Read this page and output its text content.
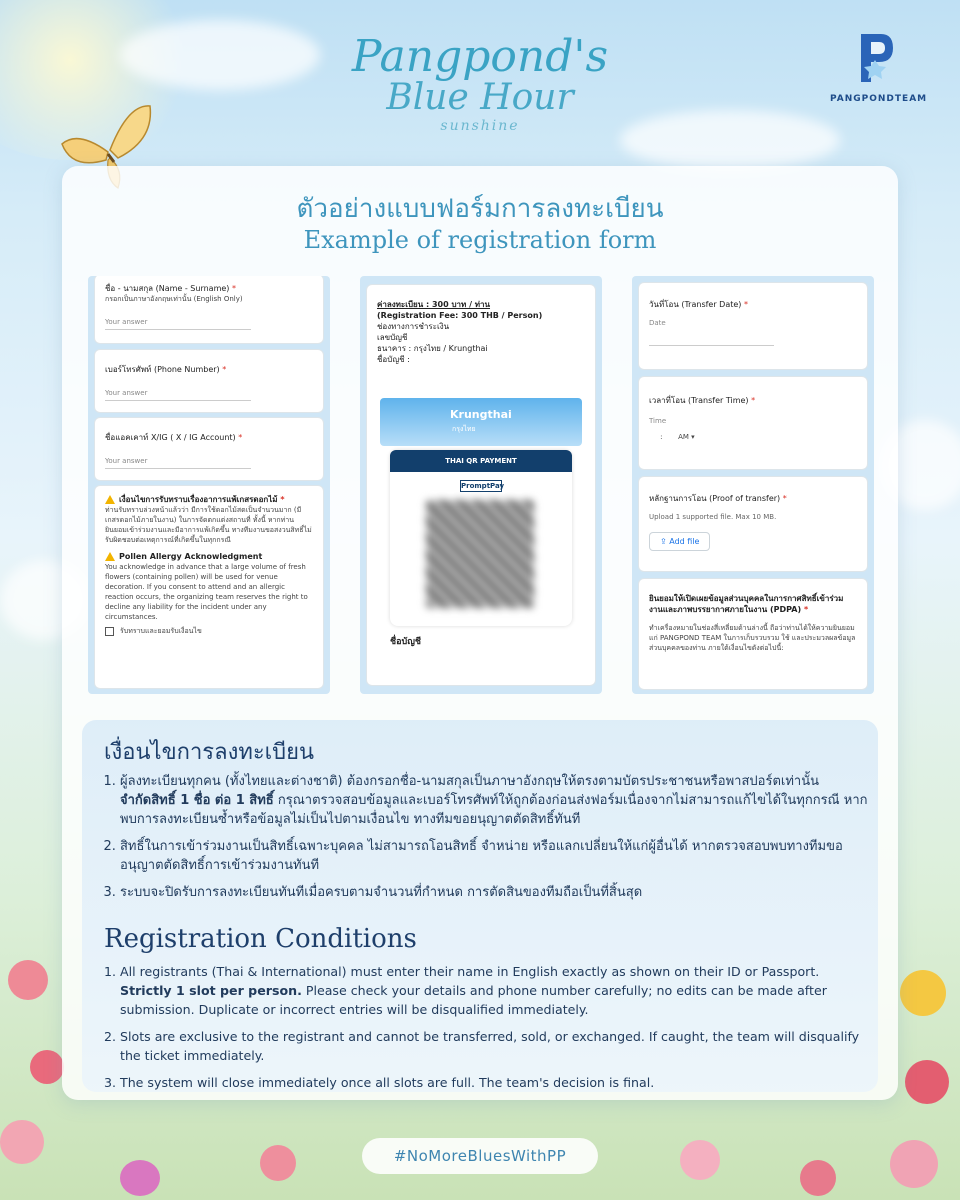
Pangpond's
Blue Hour
sunshine
PANGPONDTEAM
ตัวอย่างแบบฟอร์มการลงทะเบียน
Example of registration form
ชื่อ - นามสกุล (Name - Surname) *
กรอกเป็นภาษาอังกฤษเท่านั้น (English Only)
Your answer
เบอร์โทรศัพท์ (Phone Number) *
Your answer
ชื่อแอคเคาท์ X/IG ( X / IG Account) *
Your answer
เงื่อนไขการรับทราบเรื่องอาการแพ้เกสรดอกไม้ *
ท่านรับทราบล่วงหน้าแล้วว่า มีการใช้ดอกไม้สดเป็นจำนวนมาก (มีเกสรดอกไม้ภายในงาน) ในการจัดตกแต่งสถานที่ ทั้งนี้ หากท่านยินยอมเข้าร่วมงานและมีอาการแพ้เกิดขึ้น ทางทีมงานขอสงวนสิทธิ์ไม่รับผิดชอบต่อเหตุการณ์ที่เกิดขึ้นในทุกกรณี
Pollen Allergy Acknowledgment
You acknowledge in advance that a large volume of fresh flowers (containing pollen) will be used for venue decoration. If you consent to attend and an allergic reaction occurs, the organizing team reserves the right to decline any liability for the incident under any circumstances.
รับทราบและยอมรับเงื่อนไข
ค่าลงทะเบียน : 300 บาท / ท่าน
(Registration Fee: 300 THB / Person)
ช่องทางการชำระเงิน
เลขบัญชี
ธนาคาร : กรุงไทย / Krungthai
ชื่อบัญชี :
Krungthai
กรุงไทย
THAI QR PAYMENT
PromptPay
ชื่อบัญชี
วันที่โอน (Transfer Date) *
Date
เวลาที่โอน (Transfer Time) *
Time
:       AM ▾
หลักฐานการโอน (Proof of transfer) *
Upload 1 supported file. Max 10 MB.
⇪ Add file
ยินยอมให้เปิดเผยข้อมูลส่วนบุคคลในการกาศสิทธิ์เข้าร่วมงานและภาพบรรยากาศภายในงาน (PDPA) *
ทำเครื่องหมายในช่องสี่เหลี่ยมด้านล่างนี้ ถือว่าท่านได้ให้ความยินยอมแก่ PANGPOND TEAM ในการเก็บรวบรวม ใช้ และประมวลผลข้อมูลส่วนบุคคลของท่าน ภายใต้เงื่อนไขดังต่อไปนี้:
เงื่อนไขการลงทะเบียน
1. ผู้ลงทะเบียนทุกคน (ทั้งไทยและต่างชาติ) ต้องกรอกชื่อ-นามสกุลเป็นภาษาอังกฤษให้ตรงตามบัตรประชาชนหรือพาสปอร์ตเท่านั้น
จำกัดสิทธิ์ 1 ชื่อ ต่อ 1 สิทธิ์ กรุณาตรวจสอบข้อมูลและเบอร์โทรศัพท์ให้ถูกต้องก่อนส่งฟอร์มเนื่องจากไม่สามารถแก้ไขได้ในทุกกรณี หากพบการลงทะเบียนซ้ำหรือข้อมูลไม่เป็นไปตามเงื่อนไข ทางทีมขอยนุญาตตัดสิทธิ์ทันที
2. สิทธิ์ในการเข้าร่วมงานเป็นสิทธิ์เฉพาะบุคคล ไม่สามารถโอนสิทธิ์ จำหน่าย หรือแลกเปลี่ยนให้แก่ผู้อื่นได้ หากตรวจสอบพบทางทีมขออนุญาตตัดสิทธิ์การเข้าร่วมงานทันที
3. ระบบจะปิดรับการลงทะเบียนทันทีเมื่อครบตามจำนวนที่กำหนด การตัดสินของทีมถือเป็นที่สิ้นสุด
Registration Conditions
1. All registrants (Thai & International) must enter their name in English exactly as shown on their ID or Passport. Strictly 1 slot per person. Please check your details and phone number carefully; no edits can be made after submission. Duplicate or incorrect entries will be disqualified immediately.
2. Slots are exclusive to the registrant and cannot be transferred, sold, or exchanged. If caught, the team will disqualify the ticket immediately.
3. The system will close immediately once all slots are full. The team's decision is final.
#NoMoreBluesWithPP
